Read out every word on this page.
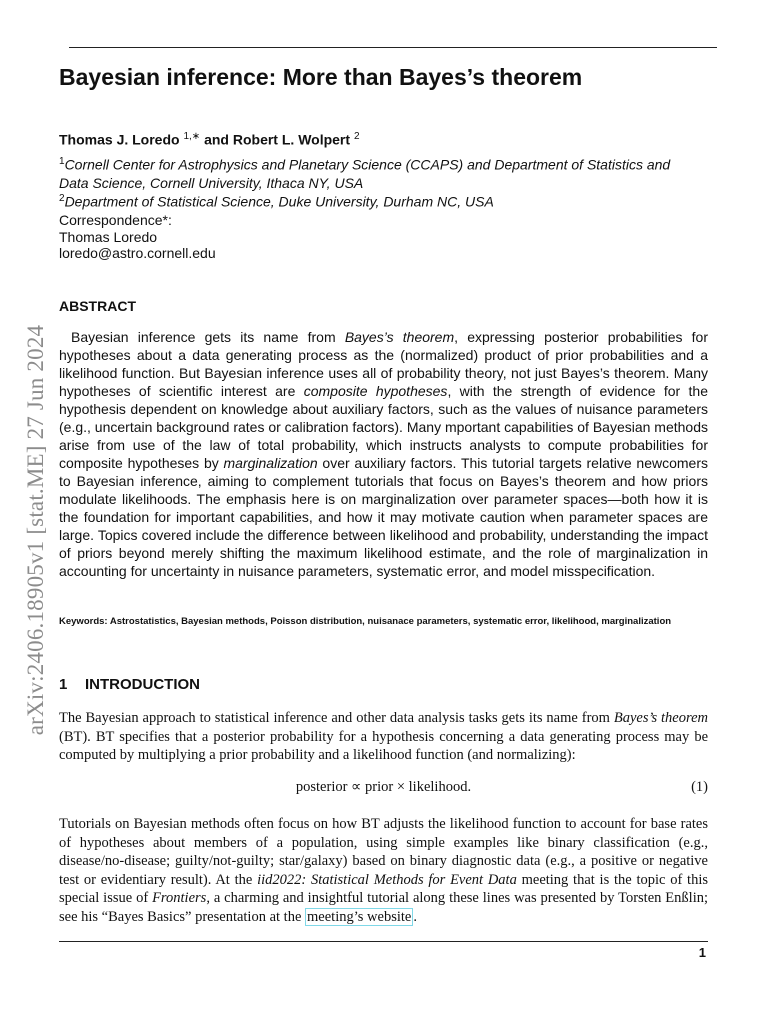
arXiv:2406.18905v1 [stat.ME] 27 Jun 2024
Bayesian inference: More than Bayes’s theorem
Thomas J. Loredo $^{1,∗}$ and Robert L. Wolpert $^2$
$^1$Cornell Center for Astrophysics and Planetary Science (CCAPS) and Department of Statistics and Data Science, Cornell University, Ithaca NY, USA
$^2$Department of Statistical Science, Duke University, Durham NC, USA
Correspondence*:
Thomas Loredo
loredo@astro.cornell.edu
ABSTRACT

Bayesian inference gets its name from Bayes’s theorem, expressing posterior probabilities for hypotheses about a data generating process as the (normalized) product of prior probabilities and a likelihood function. But Bayesian inference uses all of probability theory, not just Bayes’s theorem. Many hypotheses of scientific interest are composite hypotheses, with the strength of evidence for the hypothesis dependent on knowledge about auxiliary factors, such as the values of nuisance parameters (e.g., uncertain background rates or calibration factors). Many mportant capabilities of Bayesian methods arise from use of the law of total probability, which instructs analysts to compute probabilities for composite hypotheses by marginalization over auxiliary factors. This tutorial targets relative newcomers to Bayesian inference, aiming to complement tutorials that focus on Bayes’s theorem and how priors modulate likelihoods. The emphasis here is on marginalization over parameter spaces—both how it is the foundation for important capabilities, and how it may motivate caution when parameter spaces are large. Topics covered include the difference between likelihood and probability, understanding the impact of priors beyond merely shifting the maximum likelihood estimate, and the role of marginalization in accounting for uncertainty in nuisance parameters, systematic error, and model misspecification.

Keywords: Astrostatistics, Bayesian methods, Poisson distribution, nuisanace parameters, systematic error, likelihood, marginalization
1 INTRODUCTION

The Bayesian approach to statistical inference and other data analysis tasks gets its name from Bayes’s theorem (BT). BT specifies that a posterior probability for a hypothesis concerning a data generating process may be computed by multiplying a prior probability and a likelihood function (and normalizing):

posterior ∝ prior × likelihood.	(1)

Tutorials on Bayesian methods often focus on how BT adjusts the likelihood function to account for base rates of hypotheses about members of a population, using simple examples like binary classification (e.g., disease/no-disease; guilty/not-guilty; star/galaxy) based on binary diagnostic data (e.g., a positive or negative test or evidentiary result). At the iid2022: Statistical Methods for Event Data meeting that is the topic of this special issue of Frontiers, a charming and insightful tutorial along these lines was presented by Torsten Enßlin; see his “Bayes Basics” presentation at the meeting’s website .

1
